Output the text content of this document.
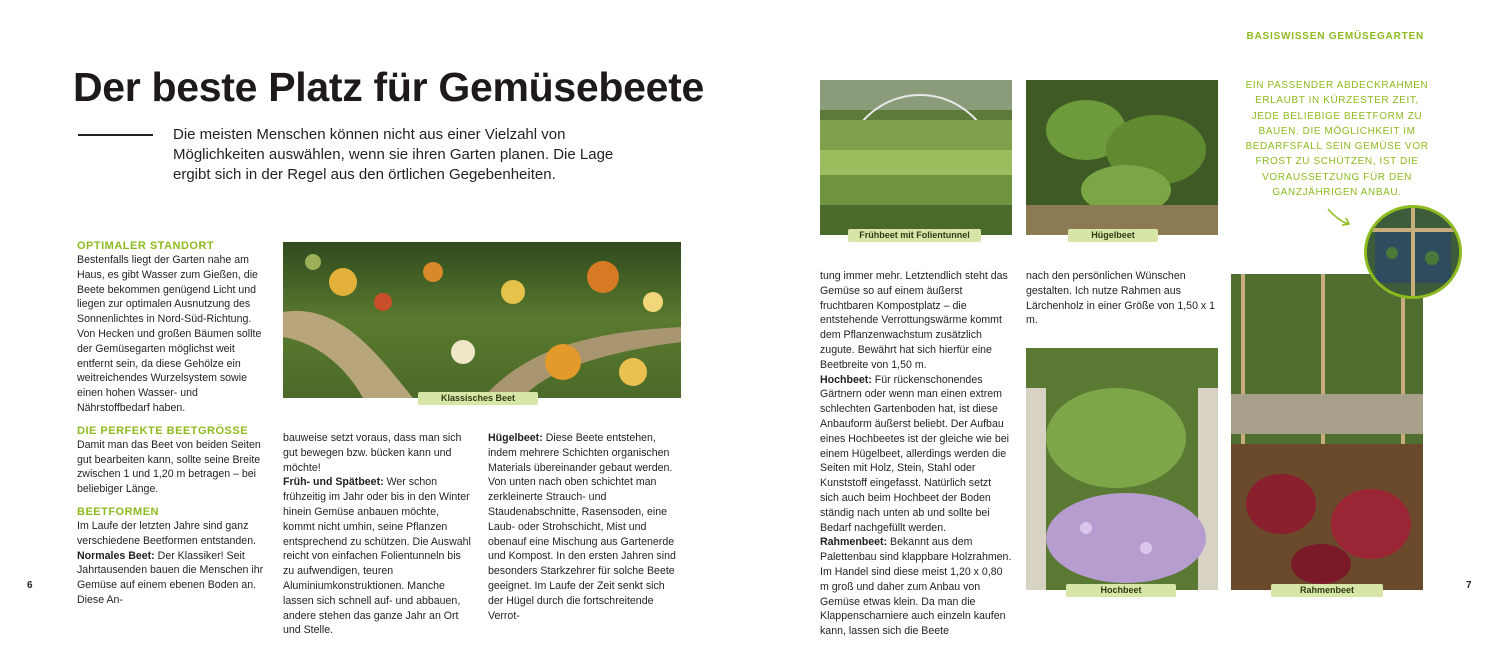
Der beste Platz für Gemüsebeete
Die meisten Menschen können nicht aus einer Vielzahl von Möglichkeiten auswählen, wenn sie ihren Garten planen. Die Lage ergibt sich in der Regel aus den örtlichen Gegebenheiten.

OPTIMALER STANDORT

Bestenfalls liegt der Garten nahe am Haus, es gibt Wasser zum Gießen, die Beete bekommen genügend Licht und liegen zur optimalen Ausnutzung des Sonnenlichtes in Nord-Süd-Richtung. Von Hecken und großen Bäumen sollte der Gemüsegarten möglichst weit entfernt sein, da diese Gehölze ein weitreichendes Wurzelsystem sowie einen hohen Wasser- und Nährstoffbedarf haben.

DIE PERFEKTE BEETGRÖSSE

Damit man das Beet von beiden Seiten gut bearbeiten kann, sollte seine Breite zwischen 1 und 1,20 m betragen – bei beliebiger Länge.

BEETFORMEN

Im Laufe der letzten Jahre sind ganz verschiedene Beetformen entstanden.

Normales Beet: Der Klassiker! Seit Jahrtausenden bauen die Menschen ihr Gemüse auf einem ebenen Boden an. Diese An-

Klassisches Beet

bauweise setzt voraus, dass man sich gut bewegen bzw. bücken kann und möchte!

Früh- und Spätbeet: Wer schon frühzeitig im Jahr oder bis in den Winter hinein Gemüse anbauen möchte, kommt nicht umhin, seine Pflanzen entsprechend zu schützen. Die Auswahl reicht von einfachen Folientunneln bis zu aufwendigen, teuren Aluminiumkonstruktionen. Manche lassen sich schnell auf- und abbauen, andere stehen das ganze Jahr an Ort und Stelle.

Hügelbeet: Diese Beete entstehen, indem mehrere Schichten organischen Materials übereinander gebaut werden. Von unten nach oben schichtet man zerkleinerte Strauch- und Staudenabschnitte, Rasensoden, eine Laub- oder Strohschicht, Mist und obenauf eine Mischung aus Gartenerde und Kompost. In den ersten Jahren sind besonders Starkzehrer für solche Beete geeignet. Im Laufe der Zeit senkt sich der Hügel durch die fortschreitende Verrot-

6
BASISWISSEN GEMÜSEGARTEN
Frühbeet mit Folientunnel	Hügelbeet

tung immer mehr. Letztendlich steht das Gemüse so auf einem äußerst fruchtbaren Kompostplatz – die entstehende Verrottungswärme kommt dem Pflanzenwachstum zusätzlich zugute. Bewährt hat sich hierfür eine Beetbreite von 1,50 m.

Hochbeet: Für rückenschonendes Gärtnern oder wenn man einen extrem schlechten Gartenboden hat, ist diese Anbauform äußerst beliebt. Der Aufbau eines Hochbeetes ist der gleiche wie bei einem Hügelbeet, allerdings werden die Seiten mit Holz, Stein, Stahl oder Kunststoff eingefasst. Natürlich setzt sich auch beim Hochbeet der Boden ständig nach unten ab und sollte bei Bedarf nachgefüllt werden.

Rahmenbeet: Bekannt aus dem Palettenbau sind klappbare Holzrahmen. Im Handel sind diese meist 1,20 x 0,80 m groß und daher zum Anbau von Gemüse etwas klein. Da man die Klappenscharniere auch einzeln kaufen kann, lassen sich die Beete

nach den persönlichen Wünschen gestalten. Ich nutze Rahmen aus Lärchenholz in einer Größe von 1,50 x 1 m.

Hochbeet	Rahmenbeet
EIN PASSENDER ABDECKRAHMEN ERLAUBT IN KÜRZESTER ZEIT, JEDE BELIEBIGE BEETFORM ZU BAUEN. DIE MÖGLICHKEIT IM BEDARFSFALL SEIN GEMÜSE VOR FROST ZU SCHÜTZEN, IST DIE VORAUSSETZUNG FÜR DEN GANZJÄHRIGEN ANBAU.
7
